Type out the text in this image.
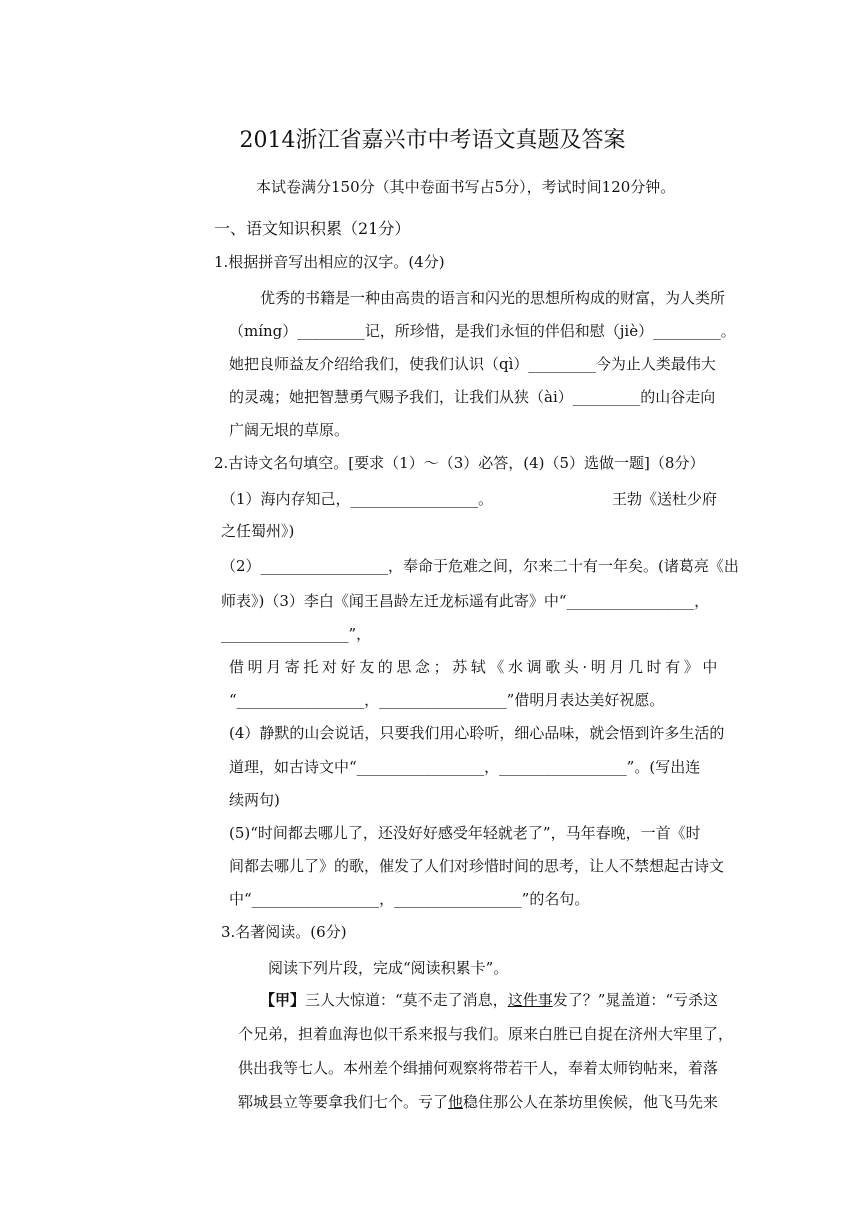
2014浙江省嘉兴市中考语文真题及答案
本试卷满分150分（其中卷面书写占5分），考试时间120分钟。
一、语文知识积累（21分）
1.根据拼音写出相应的汉字。(4分)
优秀的书籍是一种由高贵的语言和闪光的思想所构成的财富，为人类所
（míng）_________记，所珍惜，是我们永恒的伴侣和慰（jiè）_________。
她把良师益友介绍给我们，使我们认识（qì）_________今为止人类最伟大
的灵魂；她把智慧勇气赐予我们，让我们从狭（ài）_________的山谷走向
广阔无垠的草原。
2.古诗文名句填空。[要求（1）～（3）必答，(4)（5）选做一题]（8分）
（1）海内存知己，_________________。	王勃《送杜少府
之任蜀州》)
（2）_________________，奉命于危难之间，尔来二十有一年矣。(诸葛亮《出
师表》)（3）李白《闻王昌龄左迁龙标遥有此寄》中“_________________，
_________________”，
借明月寄托对好友的思念；苏轼《水调歌头·明月几时有》中
“_________________，_________________”借明月表达美好祝愿。
(4）静默的山会说话，只要我们用心聆听，细心品味，就会悟到许多生活的
道理，如古诗文中“_________________，_________________”。(写出连
续两句)
(5)“时间都去哪儿了，还没好好感受年轻就老了”，马年春晚，一首《时
间都去哪儿了》的歌，催发了人们对珍惜时间的思考，让人不禁想起古诗文
中“_________________，_________________”的名句。
3.名著阅读。(6分)
阅读下列片段，完成“阅读积累卡”。
【甲】三人大惊道：“莫不走了消息，这件事发了？”晁盖道：“亏杀这
个兄弟，担着血海也似干系来报与我们。原来白胜已自捉在济州大牢里了，
供出我等七人。本州差个缉捕何观察将带若干人，奉着太师钧帖来，着落
郓城县立等要拿我们七个。亏了他稳住那公人在茶坊里俟候，他飞马先来
